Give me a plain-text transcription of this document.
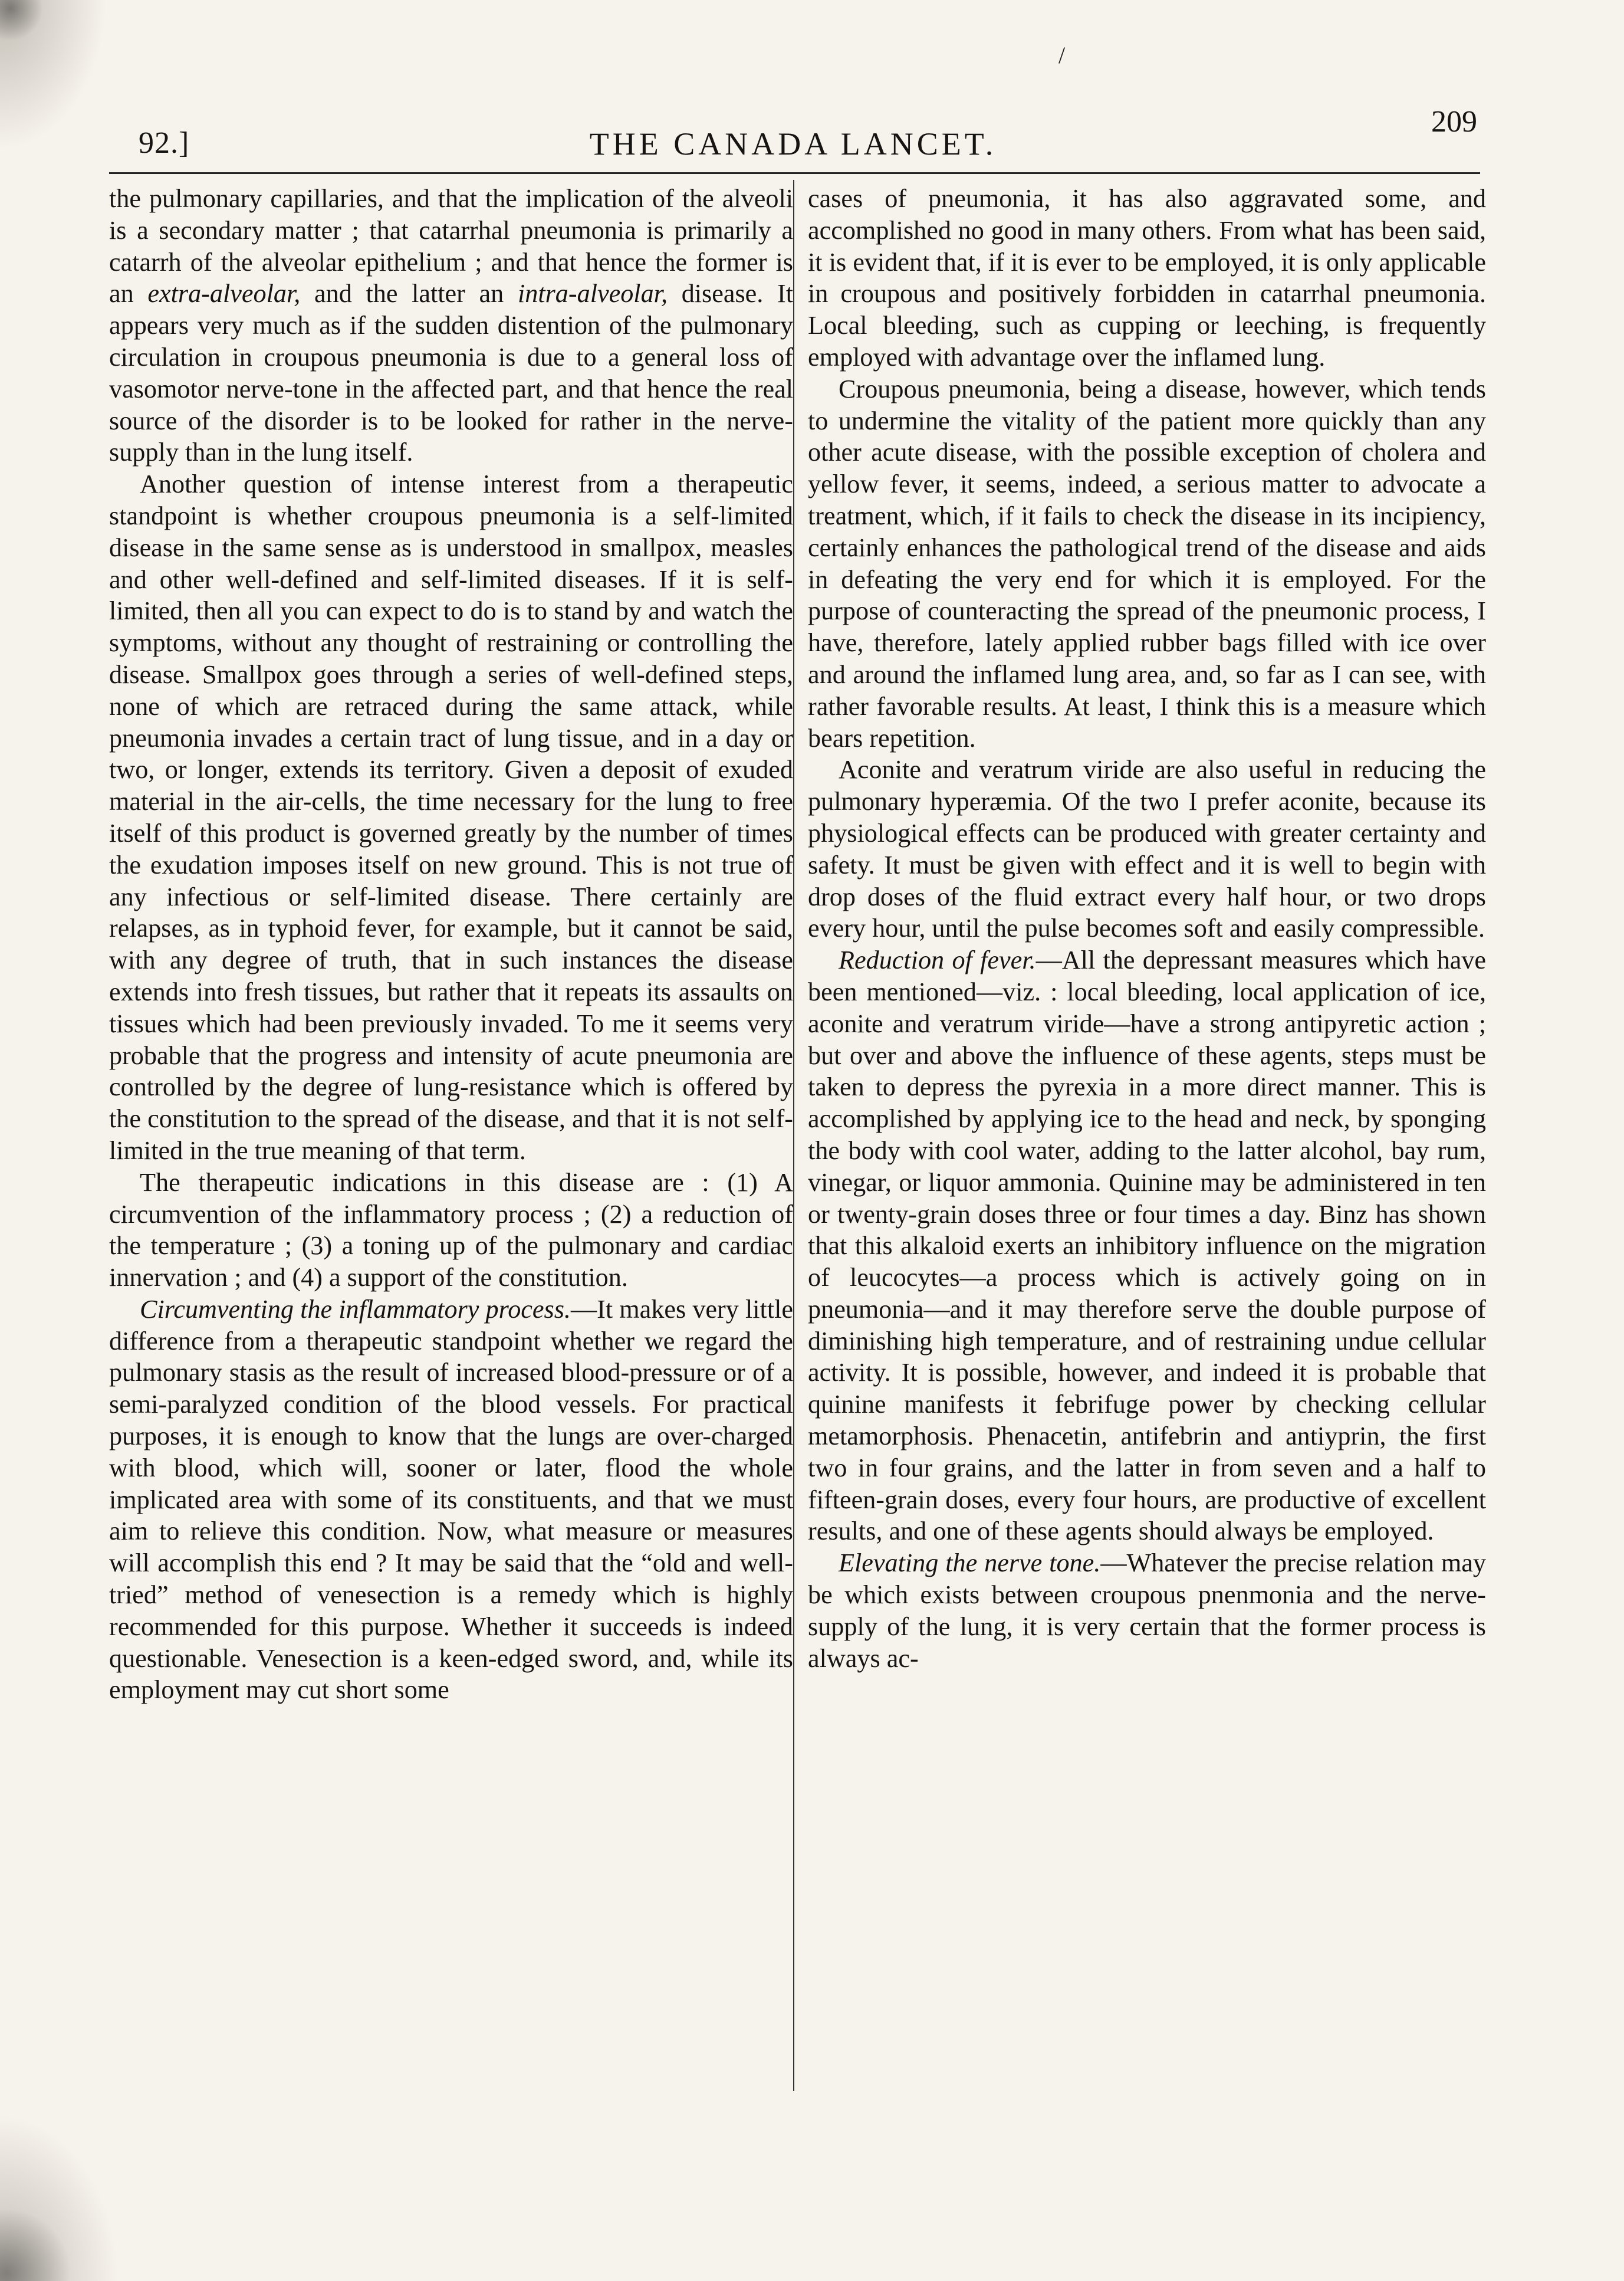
/
92.]	THE CANADA LANCET.
209

the pulmonary capillaries, and that the implication of the alveoli is a secondary matter ; that catarrhal pneumonia is primarily a catarrh of the alveolar epithelium ; and that hence the former is an extra-alveolar, and the latter an intra-alveolar, disease. It appears very much as if the sudden distention of the pulmonary circulation in croupous pneumonia is due to a general loss of vasomotor nerve-tone in the affected part, and that hence the real source of the disorder is to be looked for rather in the nerve-supply than in the lung itself.

Another question of intense interest from a therapeutic standpoint is whether croupous pneumonia is a self-limited disease in the same sense as is understood in smallpox, measles and other well-defined and self-limited diseases. If it is self-limited, then all you can expect to do is to stand by and watch the symptoms, without any thought of restraining or controlling the disease. Smallpox goes through a series of well-defined steps, none of which are retraced during the same attack, while pneumonia invades a certain tract of lung tissue, and in a day or two, or longer, extends its territory. Given a deposit of exuded material in the air-cells, the time necessary for the lung to free itself of this product is governed greatly by the number of times the exudation imposes itself on new ground. This is not true of any infectious or self-limited disease. There certainly are relapses, as in typhoid fever, for example, but it cannot be said, with any degree of truth, that in such instances the disease extends into fresh tissues, but rather that it repeats its assaults on tissues which had been previously invaded. To me it seems very probable that the progress and intensity of acute pneumonia are controlled by the degree of lung-resistance which is offered by the constitution to the spread of the disease, and that it is not self-limited in the true meaning of that term.

The therapeutic indications in this disease are : (1) A circumvention of the inflammatory process ; (2) a reduction of the temperature ; (3) a toning up of the pulmonary and cardiac innervation ; and (4) a support of the constitution.

Circumventing the inflammatory process.—It makes very little difference from a therapeutic standpoint whether we regard the pulmonary stasis as the result of increased blood-pressure or of a semi-paralyzed condition of the blood vessels. For practical purposes, it is enough to know that the lungs are over-charged with blood, which will, sooner or later, flood the whole implicated area with some of its constituents, and that we must aim to relieve this condition. Now, what measure or measures will accomplish this end ? It may be said that the “old and well-tried” method of venesection is a remedy which is highly recommended for this purpose. Whether it succeeds is indeed questionable. Venesection is a keen-edged sword, and, while its employment may cut short some

cases of pneumonia, it has also aggravated some, and accomplished no good in many others. From what has been said, it is evident that, if it is ever to be employed, it is only applicable in croupous and positively forbidden in catarrhal pneumonia. Local bleeding, such as cupping or leeching, is frequently employed with advantage over the inflamed lung.

Croupous pneumonia, being a disease, however, which tends to undermine the vitality of the patient more quickly than any other acute disease, with the possible exception of cholera and yellow fever, it seems, indeed, a serious matter to advocate a treatment, which, if it fails to check the disease in its incipiency, certainly enhances the pathological trend of the disease and aids in defeating the very end for which it is employed. For the purpose of counteracting the spread of the pneumonic process, I have, therefore, lately applied rubber bags filled with ice over and around the inflamed lung area, and, so far as I can see, with rather favorable results. At least, I think this is a measure which bears repetition.

Aconite and veratrum viride are also useful in reducing the pulmonary hyperæmia. Of the two I prefer aconite, because its physiological effects can be produced with greater certainty and safety. It must be given with effect and it is well to begin with drop doses of the fluid extract every half hour, or two drops every hour, until the pulse becomes soft and easily compressible.

Reduction of fever.—All the depressant measures which have been mentioned—viz. : local bleeding, local application of ice, aconite and veratrum viride—have a strong antipyretic action ; but over and above the influence of these agents, steps must be taken to depress the pyrexia in a more direct manner. This is accomplished by applying ice to the head and neck, by sponging the body with cool water, adding to the latter alcohol, bay rum, vinegar, or liquor ammonia. Quinine may be administered in ten or twenty-grain doses three or four times a day. Binz has shown that this alkaloid exerts an inhibitory influence on the migration of leucocytes—a process which is actively going on in pneumonia—and it may therefore serve the double purpose of diminishing high temperature, and of restraining undue cellular activity. It is possible, however, and indeed it is probable that quinine manifests it febrifuge power by checking cellular metamorphosis. Phenacetin, antifebrin and antiyprin, the first two in four grains, and the latter in from seven and a half to fifteen-grain doses, every four hours, are productive of excellent results, and one of these agents should always be employed.

Elevating the nerve tone.—Whatever the precise relation may be which exists between croupous pnenmonia and the nerve-supply of the lung, it is very certain that the former process is always ac-
